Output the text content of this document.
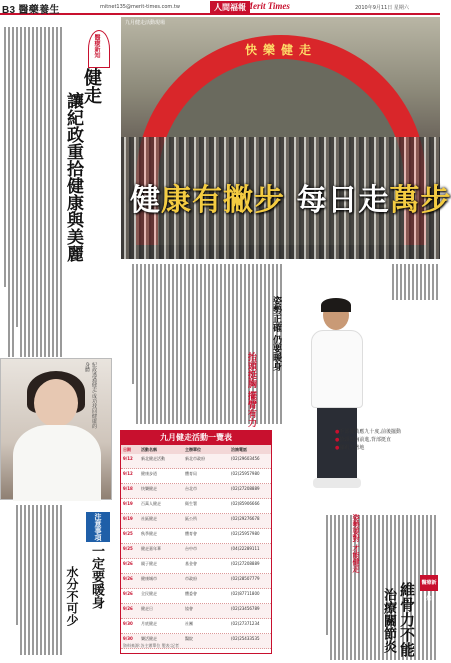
B3 醫藥養生	mitnet135@merit-times.com.tw	人間福報 Merit Times	2010年9月11日 星期六
醫療新知
健走
讓紀政重拾健康與美麗
紀政透過健走,成功找回健康的身體
注意事項
一定要暖身
水分不可少
快樂健走
九月健走活動現場
健康有撇步 每日走萬步
姿勢正確 仍要暖身
抬頭挺胸 擺臂有力
九月健走活動一覽表
日期	活動名稱	主辦單位	洽詢電話
9/12	新北健走活動	新北市政府	(02)29603456
9/12	健康步道	體育局	(02)25957980
9/18	快樂健走	台北市	(02)27208889
9/19	百萬人健走	衛生署	(02)85906666
9/19	社區健走	區公所	(02)29276678
9/25	秋季健走	體育會	(02)25957980
9/25	健走嘉年華	台中市	(04)22289111
9/26	親子健走	基金會	(02)27208889
9/26	健康城市	市政府	(02)28507779
9/26	全民健走	體委會	(02)87711800
9/26	健走日	協會	(02)23456789
9/30	月底健走	社團	(02)27371234
9/30	樂活健走	醫院	(02)25433535
資料來源:各主辦單位 製表:記者
●手部擺動應九十度,前後擺動
●抬頭挺胸前進,背部挺直
●腳跟先著地
姿勢要對 才能健走
醫療新知
維骨力不能
治療關節炎
